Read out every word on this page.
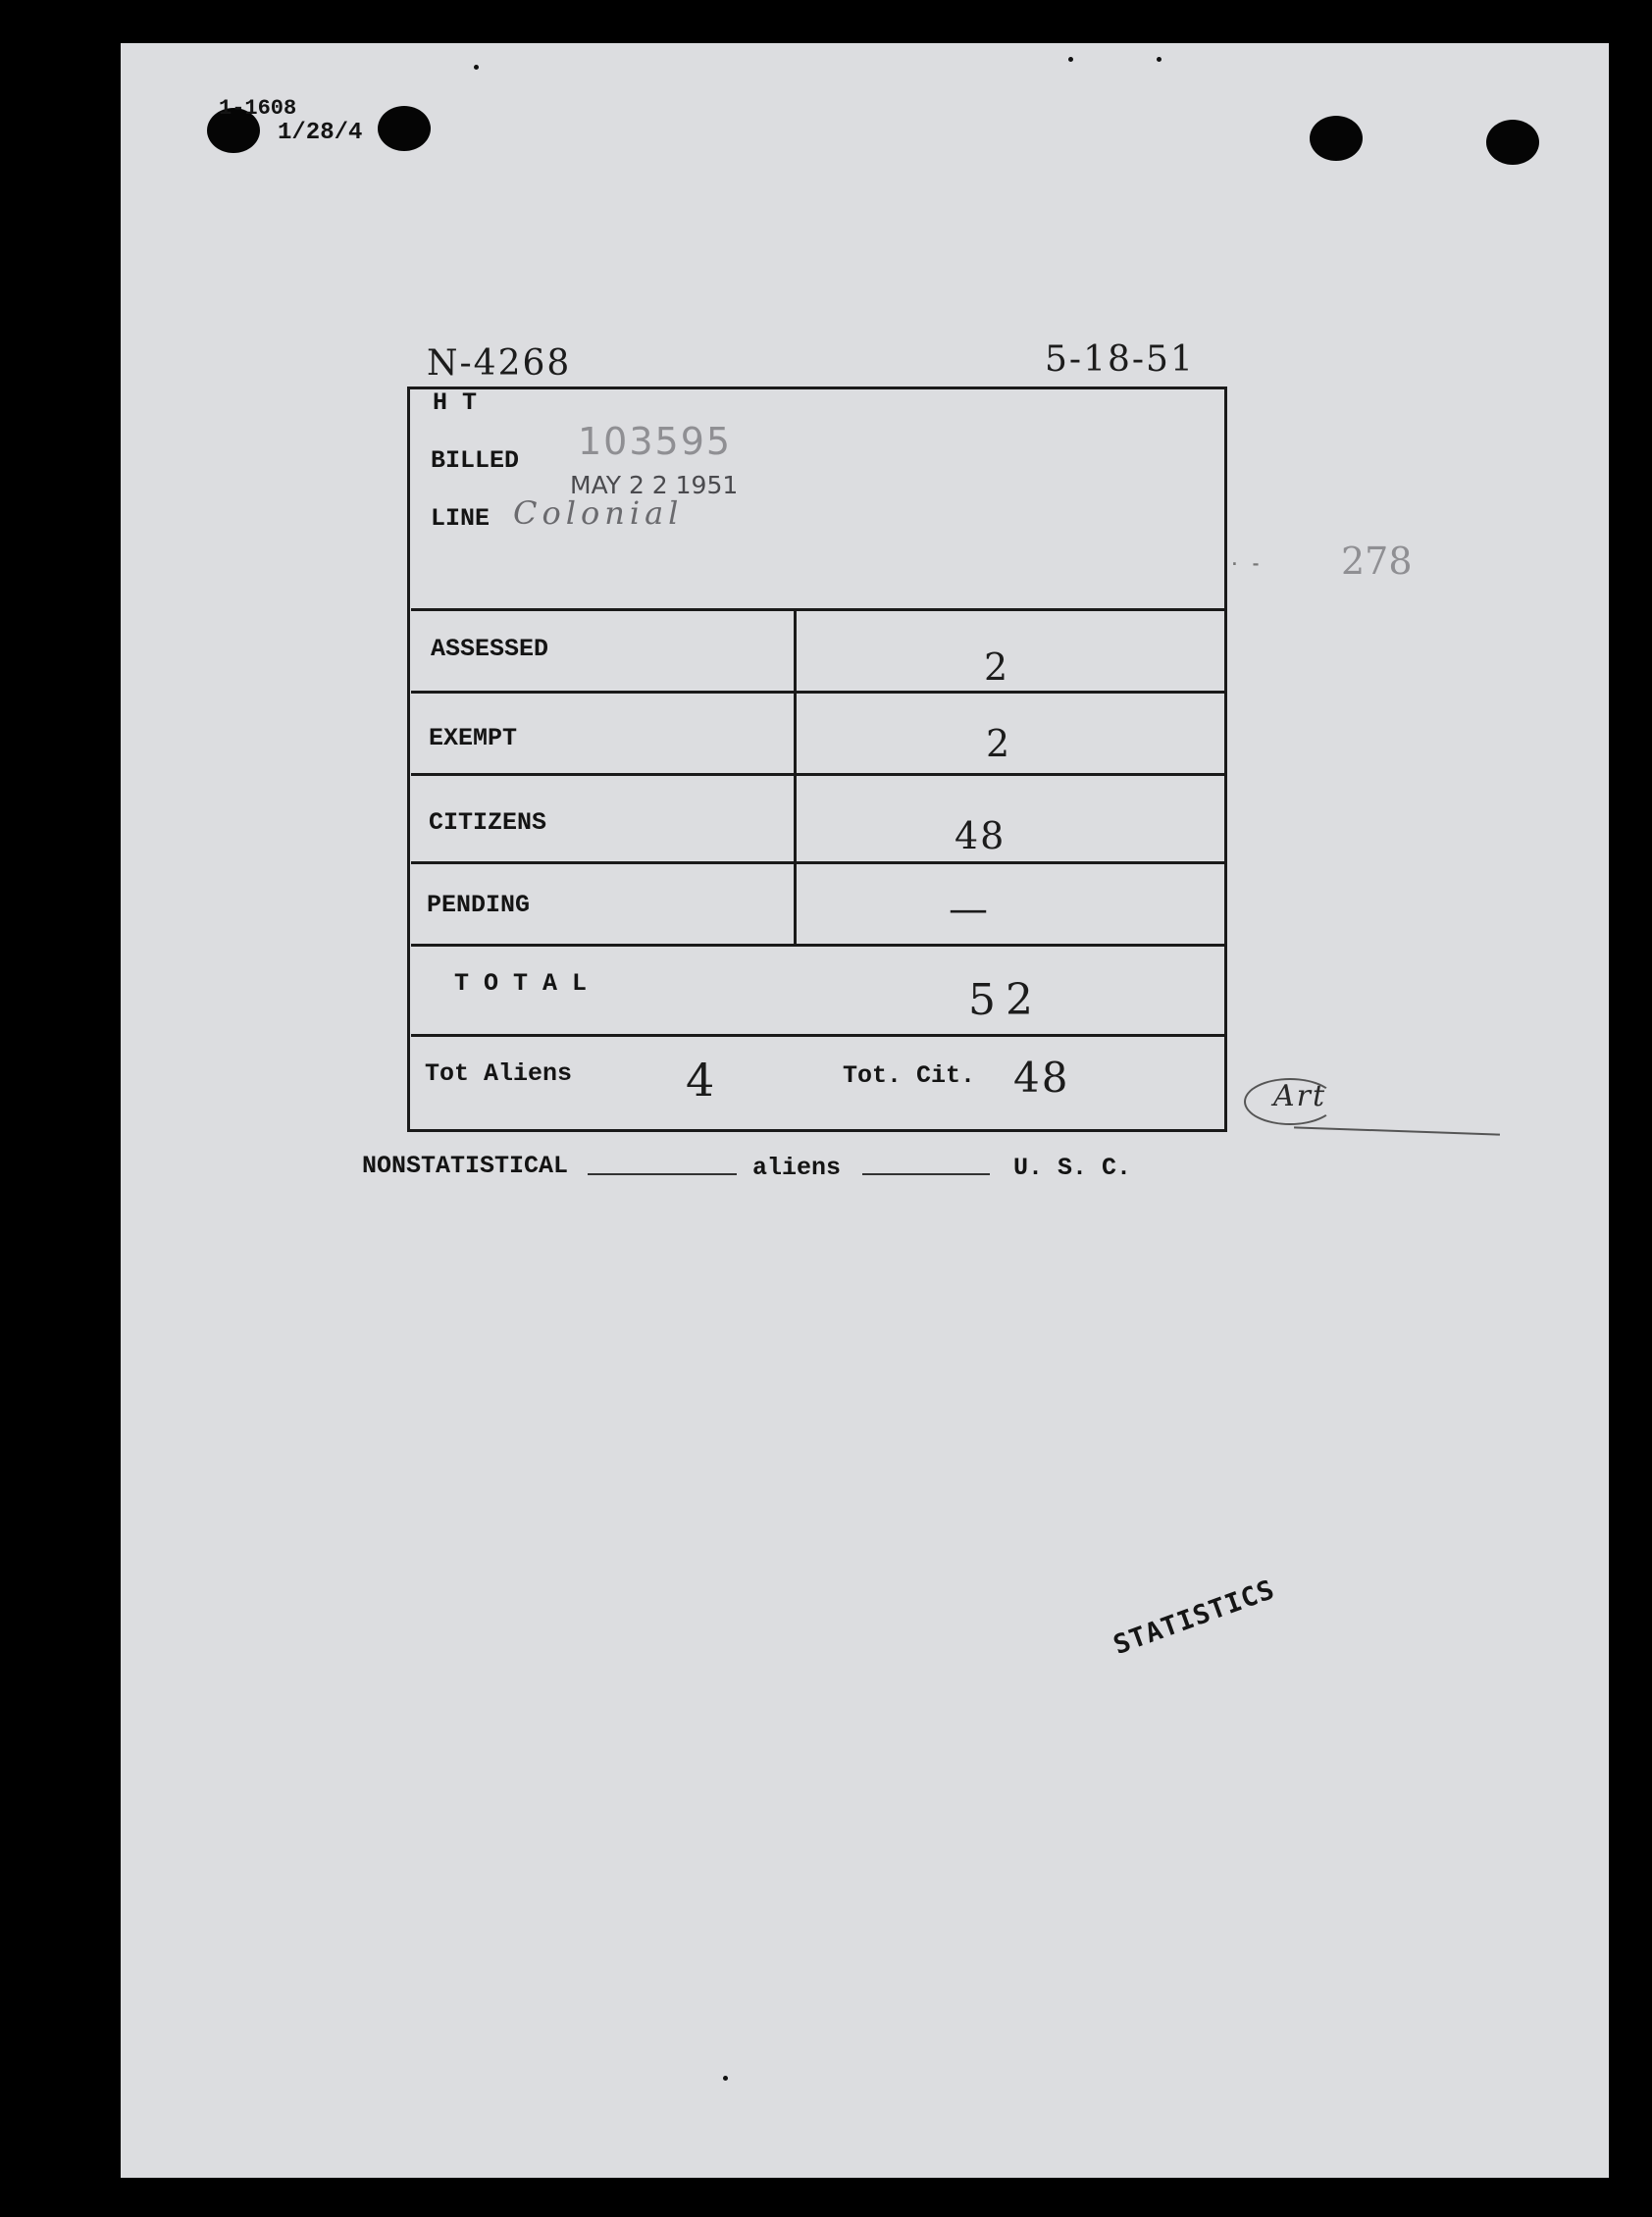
1-1608
1/28/4
N-4268	5-18-51
H T
BILLED 103595
MAY 2 2 1951
LINE Colonial
278
· -
ASSESSED	2
EXEMPT	2
CITIZENS	48
PENDING	—
T O T A L	52
Tot Aliens	4	Tot. Cit. 48	Art
NONSTATISTICAL	aliens	U. S. C.
STATISTICS
